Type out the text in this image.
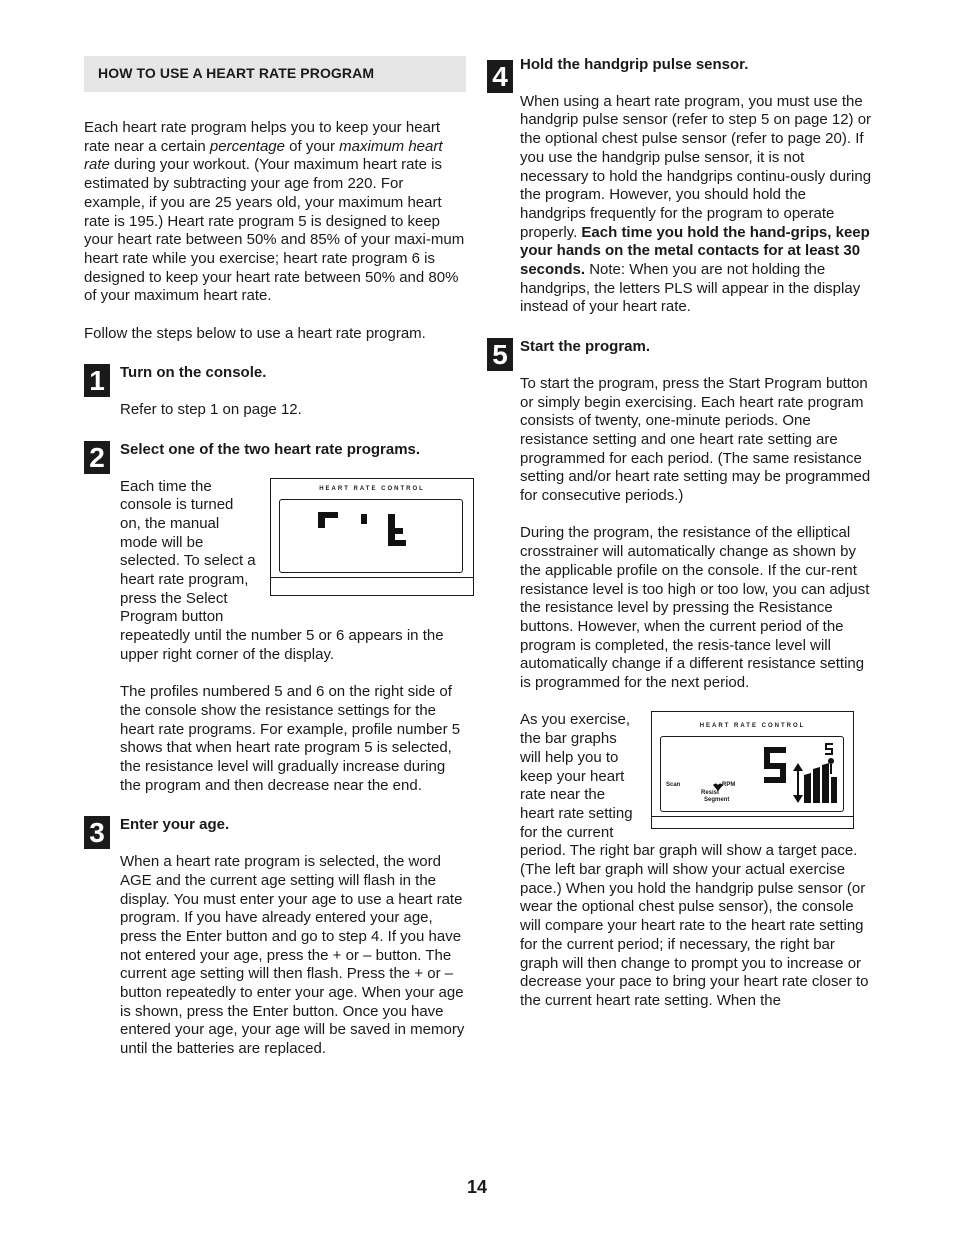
HOW TO USE A HEART RATE PROGRAM

Each heart rate program helps you to keep your heart rate near a certain percentage of your maximum heart rate during your workout. (Your maximum heart rate is estimated by subtracting your age from 220. For example, if you are 25 years old, your maximum heart rate is 195.) Heart rate program 5 is designed to keep your heart rate between 50% and 85% of your maxi-mum heart rate while you exercise; heart rate program 6 is designed to keep your heart rate between 50% and 80% of your maximum heart rate.

Follow the steps below to use a heart rate program.

1	Turn on the console.

Refer to step 1 on page 12.

2	Select one of the two heart rate programs.
HEART RATE CONTROL

Each time the console is turned on, the manual mode will be selected. To select a heart rate program, press the Select Program button repeatedly until the number 5 or 6 appears in the upper right corner of the display.

The profiles numbered 5 and 6 on the right side of the console show the resistance settings for the heart rate programs. For example, profile number 5 shows that when heart rate program 5 is selected, the resistance level will gradually increase during the program and then decrease near the end.

3	Enter your age.

When a heart rate program is selected, the word AGE and the current age setting will flash in the display. You must enter your age to use a heart rate program. If you have already entered your age, press the Enter button and go to step 4. If you have not entered your age, press the + or – button. The current age setting will then flash. Press the + or – button repeatedly to enter your age. When your age is shown, press the Enter button. Once you have entered your age, your age will be saved in memory until the batteries are replaced.

4 Hold the handgrip pulse sensor.

When using a heart rate program, you must use the handgrip pulse sensor (refer to step 5 on page 12) or the optional chest pulse sensor (refer to page 20). If you use the handgrip pulse sensor, it is not necessary to hold the handgrips continu-ously during the program. However, you should hold the handgrips frequently for the program to operate properly. Each time you hold the hand-grips, keep your hands on the metal contacts for at least 30 seconds. Note: When you are not holding the handgrips, the letters PLS will appear in the display instead of your heart rate.

5 Start the program.

To start the program, press the Start Program button or simply begin exercising. Each heart rate program consists of twenty, one-minute periods. One resistance setting and one heart rate setting are programmed for each period. (The same resistance setting and/or heart rate setting may be programmed for consecutive periods.)

During the program, the resistance of the elliptical crosstrainer will automatically change as shown by the applicable profile on the console. If the cur-rent resistance level is too high or too low, you can adjust the resistance level by pressing the Resistance buttons. However, when the current period of the program is completed, the resis-tance level will automatically change if a different resistance setting is programmed for the next period.

HEART RATE CONTROL
Scan	RPM
Resist
Segment

As you exercise, the bar graphs will help you to keep your heart rate near the heart rate setting for the current period. The right bar graph will show a target pace. (The left bar graph will show your actual exercise pace.) When you hold the handgrip pulse sensor (or wear the optional chest pulse sensor), the console will compare your heart rate to the heart rate setting for the current period; if necessary, the right bar graph will then change to prompt you to increase or decrease your pace to bring your heart rate closer to the current heart rate setting. When the

14
